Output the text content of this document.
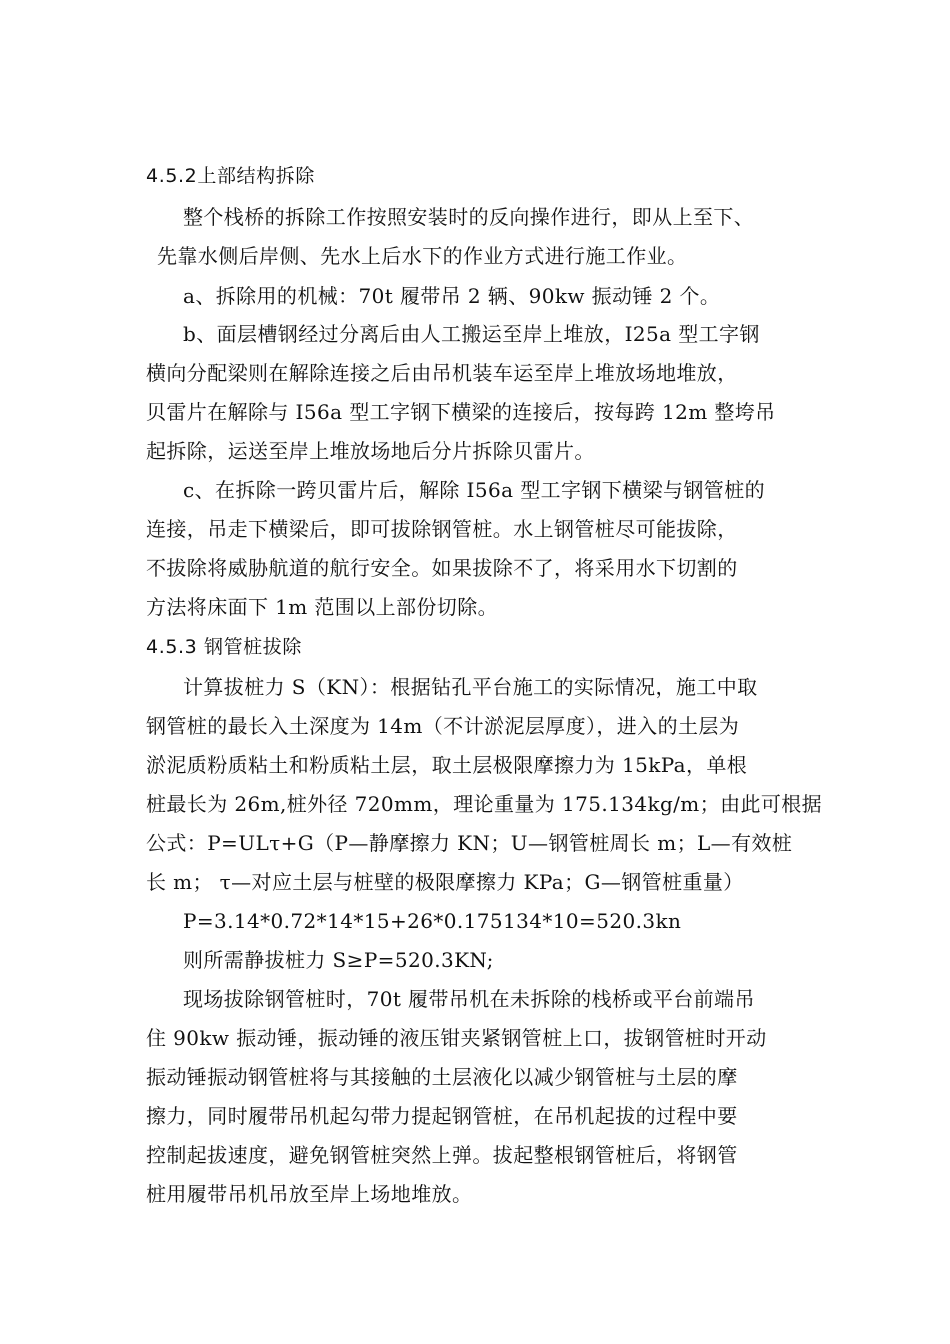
4.5.2上部结构拆除
整个栈桥的拆除工作按照安装时的反向操作进行，即从上至下、
先靠水侧后岸侧、先水上后水下的作业方式进行施工作业。
a、拆除用的机械：70t 履带吊 2 辆、90kw 振动锤 2 个。
b、面层槽钢经过分离后由人工搬运至岸上堆放，I25a 型工字钢
横向分配梁则在解除连接之后由吊机装车运至岸上堆放场地堆放，
贝雷片在解除与 I56a 型工字钢下横梁的连接后，按每跨 12m 整垮吊
起拆除，运送至岸上堆放场地后分片拆除贝雷片。
c、在拆除一跨贝雷片后，解除 I56a 型工字钢下横梁与钢管桩的
连接，吊走下横梁后，即可拔除钢管桩。水上钢管桩尽可能拔除，
不拔除将威胁航道的航行安全。如果拔除不了，将采用水下切割的
方法将床面下 1m 范围以上部份切除。
4.5.3 钢管桩拔除
计算拔桩力 S（KN）：根据钻孔平台施工的实际情况，施工中取
钢管桩的最长入土深度为 14m（不计淤泥层厚度），进入的土层为
淤泥质粉质粘土和粉质粘土层，取土层极限摩擦力为 15kPa，单根
桩最长为 26m,桩外径 720mm，理论重量为 175.134kg/m；由此可根据
公式：P=ULτ+G（P—静摩擦力 KN；U—钢管桩周长 m；L—有效桩
长 m； τ—对应土层与桩壁的极限摩擦力 KPa；G—钢管桩重量）
P=3.14*0.72*14*15+26*0.175134*10=520.3kn
则所需静拔桩力 S≥P=520.3KN;
现场拔除钢管桩时，70t 履带吊机在未拆除的栈桥或平台前端吊
住 90kw 振动锤，振动锤的液压钳夹紧钢管桩上口，拔钢管桩时开动
振动锤振动钢管桩将与其接触的土层液化以减少钢管桩与土层的摩
擦力，同时履带吊机起勾带力提起钢管桩，在吊机起拔的过程中要
控制起拔速度，避免钢管桩突然上弹。拔起整根钢管桩后，将钢管
桩用履带吊机吊放至岸上场地堆放。
